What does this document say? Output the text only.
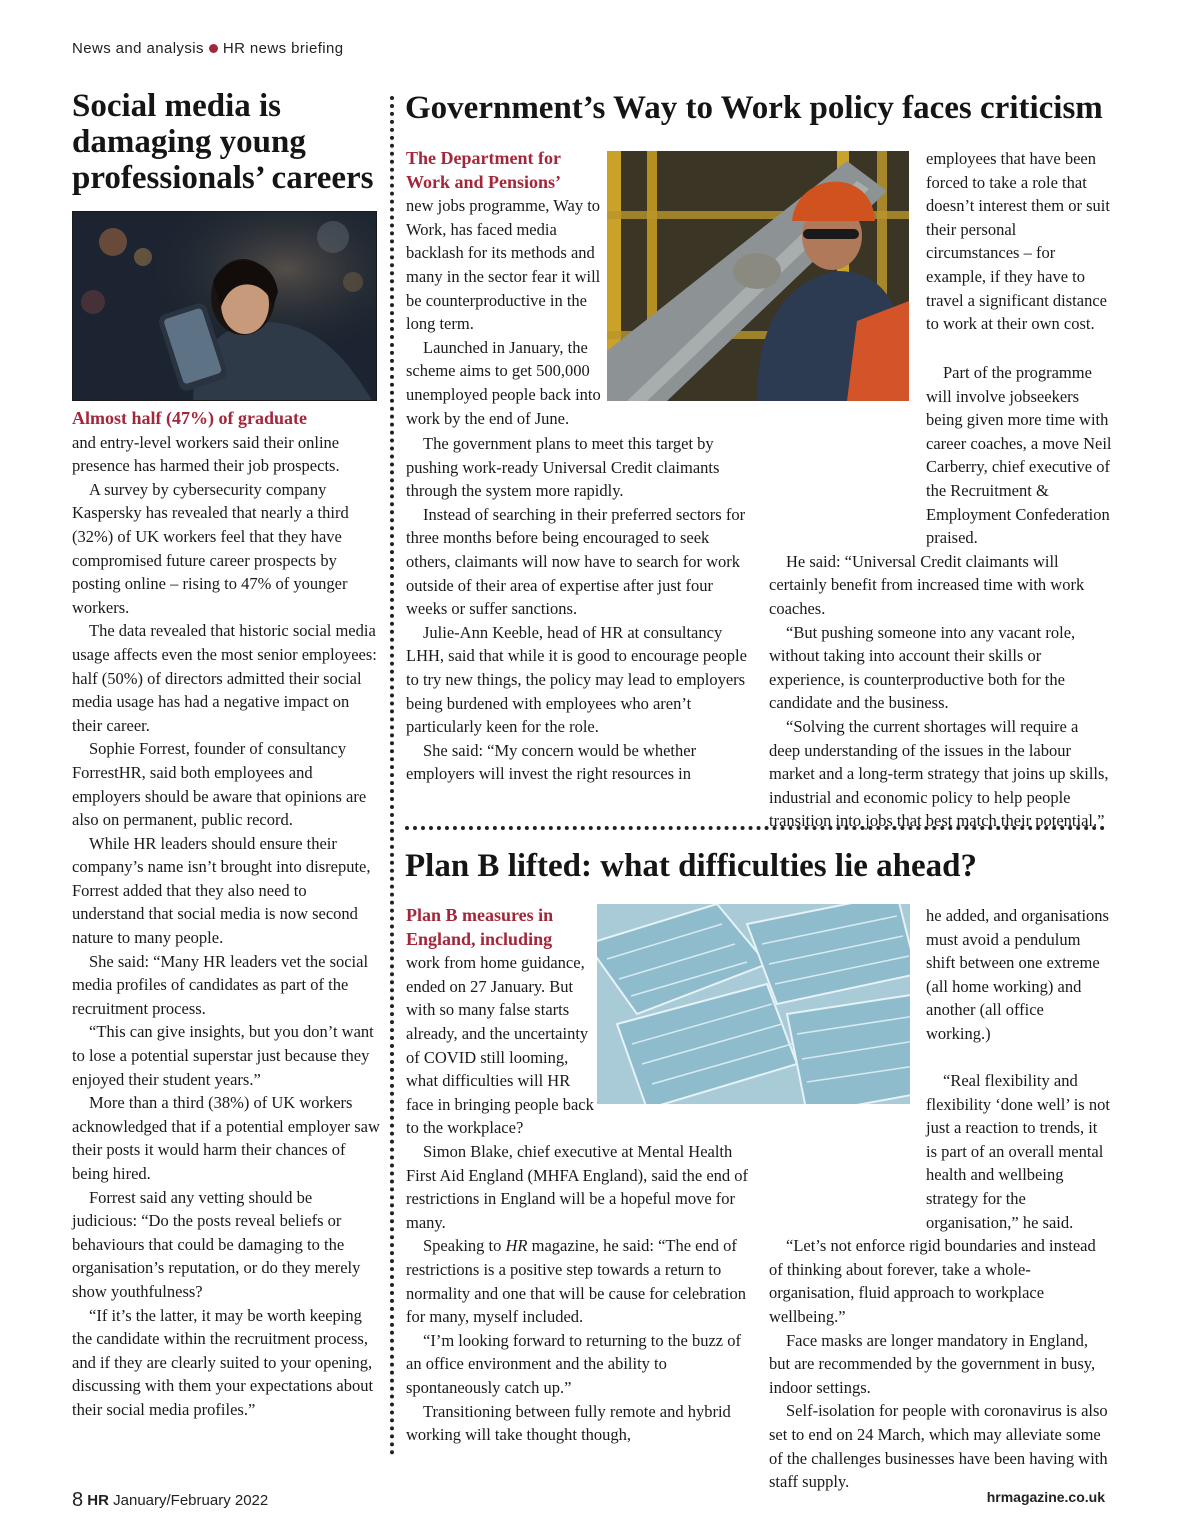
News and analysis HR news briefing
Social media is damaging young professionals’ careers

Almost half (47%) of graduate

and entry-level workers said their online presence has harmed their job prospects.

A survey by cybersecurity company Kaspersky has revealed that nearly a third (32%) of UK workers feel that they have compromised future career prospects by posting online – rising to 47% of younger workers.

The data revealed that historic social media usage affects even the most senior employees: half (50%) of directors admitted their social media usage has had a negative impact on their career.

Sophie Forrest, founder of consultancy ForrestHR, said both employees and employers should be aware that opinions are also on permanent, public record.

While HR leaders should ensure their company’s name isn’t brought into disrepute, Forrest added that they also need to understand that social media is now second nature to many people.

She said: “Many HR leaders vet the social media profiles of candidates as part of the recruitment process.

“This can give insights, but you don’t want to lose a potential superstar just because they enjoyed their student years.”

More than a third (38%) of UK workers acknowledged that if a potential employer saw their posts it would harm their chances of being hired.

Forrest said any vetting should be judicious: “Do the posts reveal beliefs or behaviours that could be damaging to the organisation’s reputation, or do they merely show youthfulness?

“If it’s the latter, it may be worth keeping the candidate within the recruitment process, and if they are clearly suited to your opening, discussing with them your expectations about their social media profiles.”

Government’s Way to Work policy faces criticism

The Department for Work and Pensions’

new jobs programme, Way to Work, has faced media backlash for its methods and many in the sector fear it will be counterproductive in the long term.

Launched in January, the scheme aims to get 500,000 unemployed people back into work by the end of June.

The government plans to meet this target by pushing work-ready Universal Credit claimants through the system more rapidly.

Instead of searching in their preferred sectors for three months before being encouraged to seek others, claimants will now have to search for work outside of their area of expertise after just four weeks or suffer sanctions.

Julie-Ann Keeble, head of HR at consultancy LHH, said that while it is good to encourage people to try new things, the policy may lead to employers being burdened with employees who aren’t particularly keen for the role.

She said: “My concern would be whether employers will invest the right resources in

employees that have been forced to take a role that doesn’t interest them or suit their personal circumstances – for example, if they have to travel a significant distance to work at their own cost.

Part of the programme will involve jobseekers being given more time with career coaches, a move Neil Carberry, chief executive of the Recruitment & Employment Confederation praised.

He said: “Universal Credit claimants will certainly benefit from increased time with work coaches.

“But pushing someone into any vacant role, without taking into account their skills or experience, is counterproductive both for the candidate and the business.

“Solving the current shortages will require a deep understanding of the issues in the labour market and a long-term strategy that joins up skills, industrial and economic policy to help people transition into jobs that best match their potential.”

Plan B lifted: what difficulties lie ahead?

Plan B measures in England, including

work from home guidance, ended on 27 January. But with so many false starts already, and the uncertainty of COVID still looming, what difficulties will HR face in bringing people back to the workplace?

Simon Blake, chief executive at Mental Health First Aid England (MHFA England), said the end of restrictions in England will be a hopeful move for many.

Speaking to HR magazine, he said: “The end of restrictions is a positive step towards a return to normality and one that will be cause for celebration for many, myself included.

“I’m looking forward to returning to the buzz of an office environment and the ability to spontaneously catch up.”

Transitioning between fully remote and hybrid working will take thought though,

he added, and organisations must avoid a pendulum shift between one extreme (all home working) and another (all office working.)

“Real flexibility and flexibility ‘done well’ is not just a reaction to trends, it is part of an overall mental health and wellbeing strategy for the organisation,” he said.

“Let’s not enforce rigid boundaries and instead of thinking about forever, take a whole-organisation, fluid approach to workplace wellbeing.”

Face masks are longer mandatory in England, but are recommended by the government in busy, indoor settings.

Self-isolation for people with coronavirus is also set to end on 24 March, which may alleviate some of the challenges businesses have been having with staff supply.

8 HR January/February 2022	hrmagazine.co.uk
